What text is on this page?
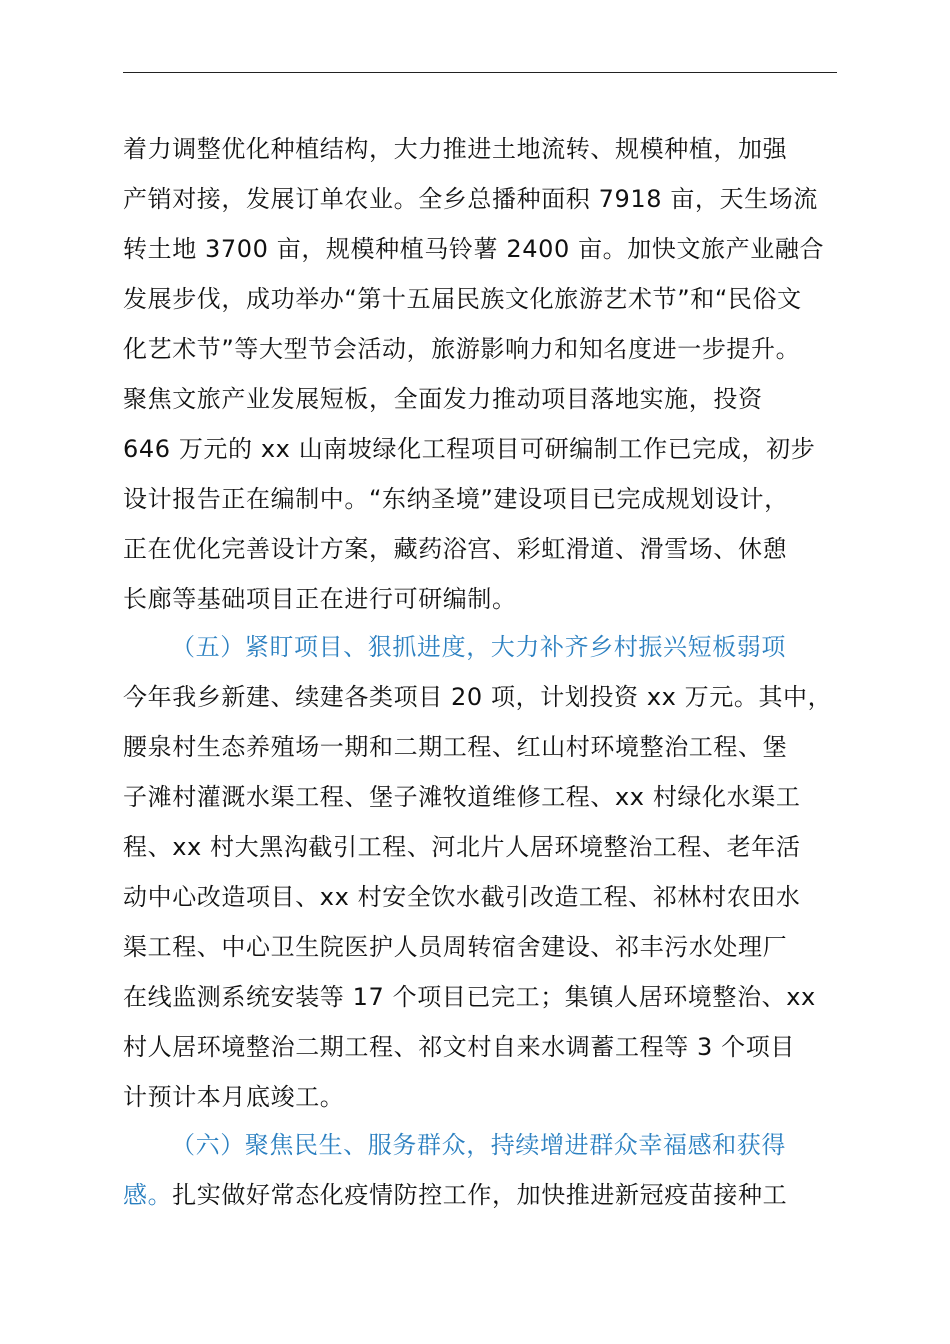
着力调整优化种植结构，大力推进土地流转、规模种植，加强
产销对接，发展订单农业。全乡总播种面积 7918 亩，天生场流
转土地 3700 亩，规模种植马铃薯 2400 亩。加快文旅产业融合
发展步伐，成功举办“第十五届民族文化旅游艺术节”和“民俗文
化艺术节”等大型节会活动，旅游影响力和知名度进一步提升。
聚焦文旅产业发展短板，全面发力推动项目落地实施，投资
646 万元的 xx 山南坡绿化工程项目可研编制工作已完成，初步
设计报告正在编制中。“东纳圣境”建设项目已完成规划设计，
正在优化完善设计方案，藏药浴宫、彩虹滑道、滑雪场、休憩
长廊等基础项目正在进行可研编制。
（五）紧盯项目、狠抓进度，大力补齐乡村振兴短板弱项
今年我乡新建、续建各类项目 20 项，计划投资 xx 万元。其中，
腰泉村生态养殖场一期和二期工程、红山村环境整治工程、堡
子滩村灌溉水渠工程、堡子滩牧道维修工程、xx 村绿化水渠工
程、xx 村大黑沟截引工程、河北片人居环境整治工程、老年活
动中心改造项目、xx 村安全饮水截引改造工程、祁林村农田水
渠工程、中心卫生院医护人员周转宿舍建设、祁丰污水处理厂
在线监测系统安装等 17 个项目已完工；集镇人居环境整治、xx
村人居环境整治二期工程、祁文村自来水调蓄工程等 3 个项目
计预计本月底竣工。
（六）聚焦民生、服务群众，持续增进群众幸福感和获得
感。扎实做好常态化疫情防控工作，加快推进新冠疫苗接种工
